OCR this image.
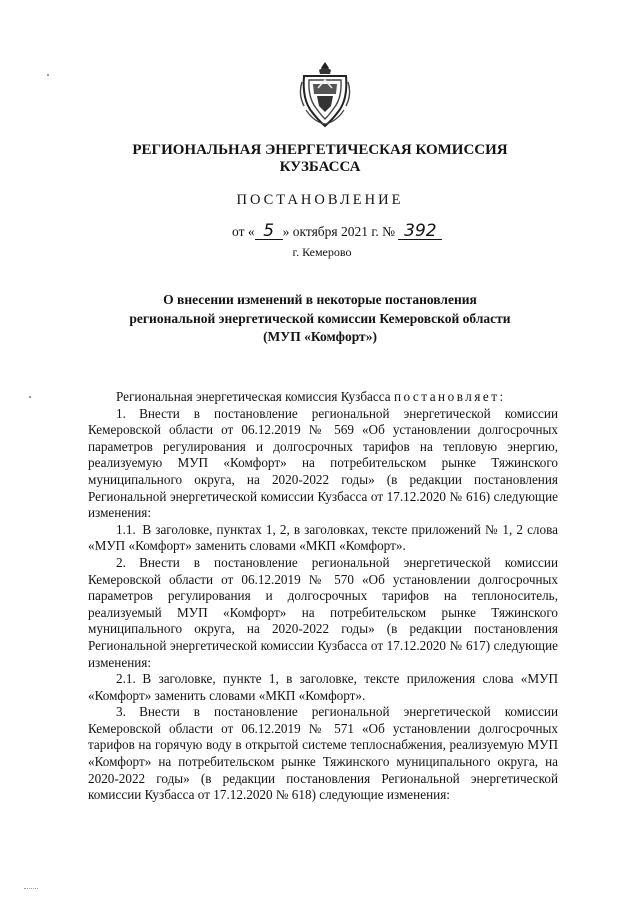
РЕГИОНАЛЬНАЯ ЭНЕРГЕТИЧЕСКАЯ КОМИССИЯ
КУЗБАССА
ПОСТАНОВЛЕНИЕ
от « 5 » октября 2021 г. № 392
г. Кемерово
О внесении изменений в некоторые постановления
региональной энергетической комиссии Кемеровской области
(МУП «Комфорт»)

Региональная энергетическая комиссия Кузбасса постановляет:

1. Внести в постановление региональной энергетической комиссии Кемеровской области от 06.12.2019 № 569 «Об установлении долгосрочных параметров регулирования и долгосрочных тарифов на тепловую энергию, реализуемую МУП «Комфорт» на потребительском рынке Тяжинского муниципального округа, на 2020-2022 годы» (в редакции постановления Региональной энергетической комиссии Кузбасса от 17.12.2020 № 616) следующие изменения:

1.1. В заголовке, пунктах 1, 2, в заголовках, тексте приложений № 1, 2 слова «МУП «Комфорт» заменить словами «МКП «Комфорт».

2. Внести в постановление региональной энергетической комиссии Кемеровской области от 06.12.2019 № 570 «Об установлении долгосрочных параметров регулирования и долгосрочных тарифов на теплоноситель, реализуемый МУП «Комфорт» на потребительском рынке Тяжинского муниципального округа, на 2020-2022 годы» (в редакции постановления Региональной энергетической комиссии Кузбасса от 17.12.2020 № 617) следующие изменения:

2.1. В заголовке, пункте 1, в заголовке, тексте приложения слова «МУП «Комфорт» заменить словами «МКП «Комфорт».

3. Внести в постановление региональной энергетической комиссии Кемеровской области от 06.12.2019 № 571 «Об установлении долгосрочных тарифов на горячую воду в открытой системе теплоснабжения, реализуемую МУП «Комфорт» на потребительском рынке Тяжинского муниципального округа, на 2020-2022 годы» (в редакции постановления Региональной энергетической комиссии Кузбасса от 17.12.2020 № 618) следующие изменения:
